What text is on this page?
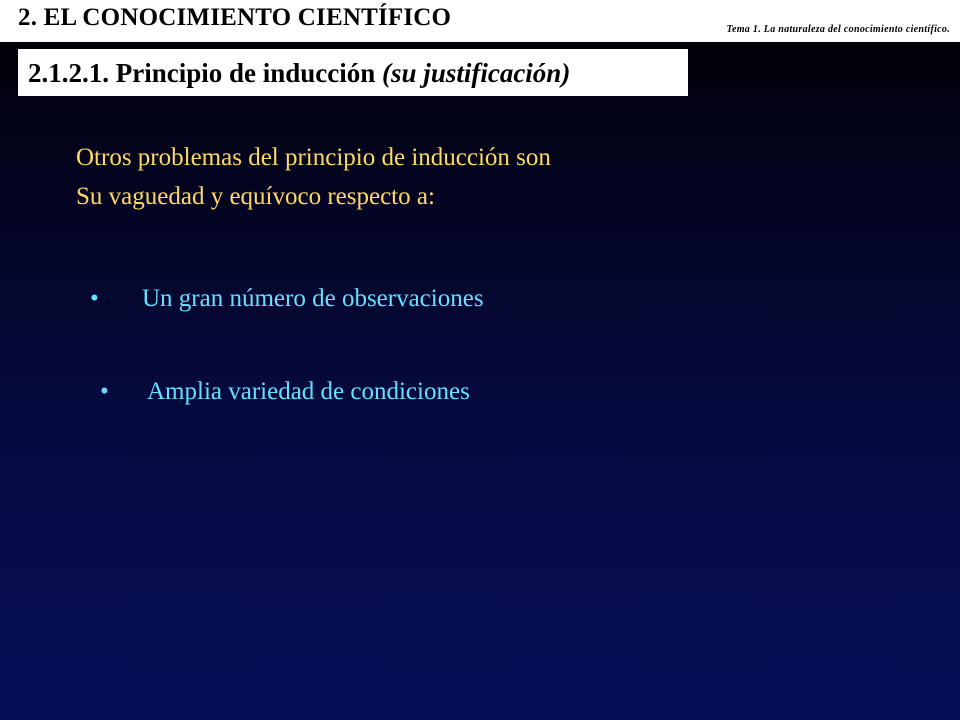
2. EL CONOCIMIENTO CIENTÍFICO	Tema 1. La naturaleza del conocimiento científico.
2.1.2.1. Principio de inducción (su justificación)
Otros problemas del principio de inducción son
Su vaguedad y equívoco respecto a:
• Un gran número de observaciones
• Amplia variedad de condiciones
